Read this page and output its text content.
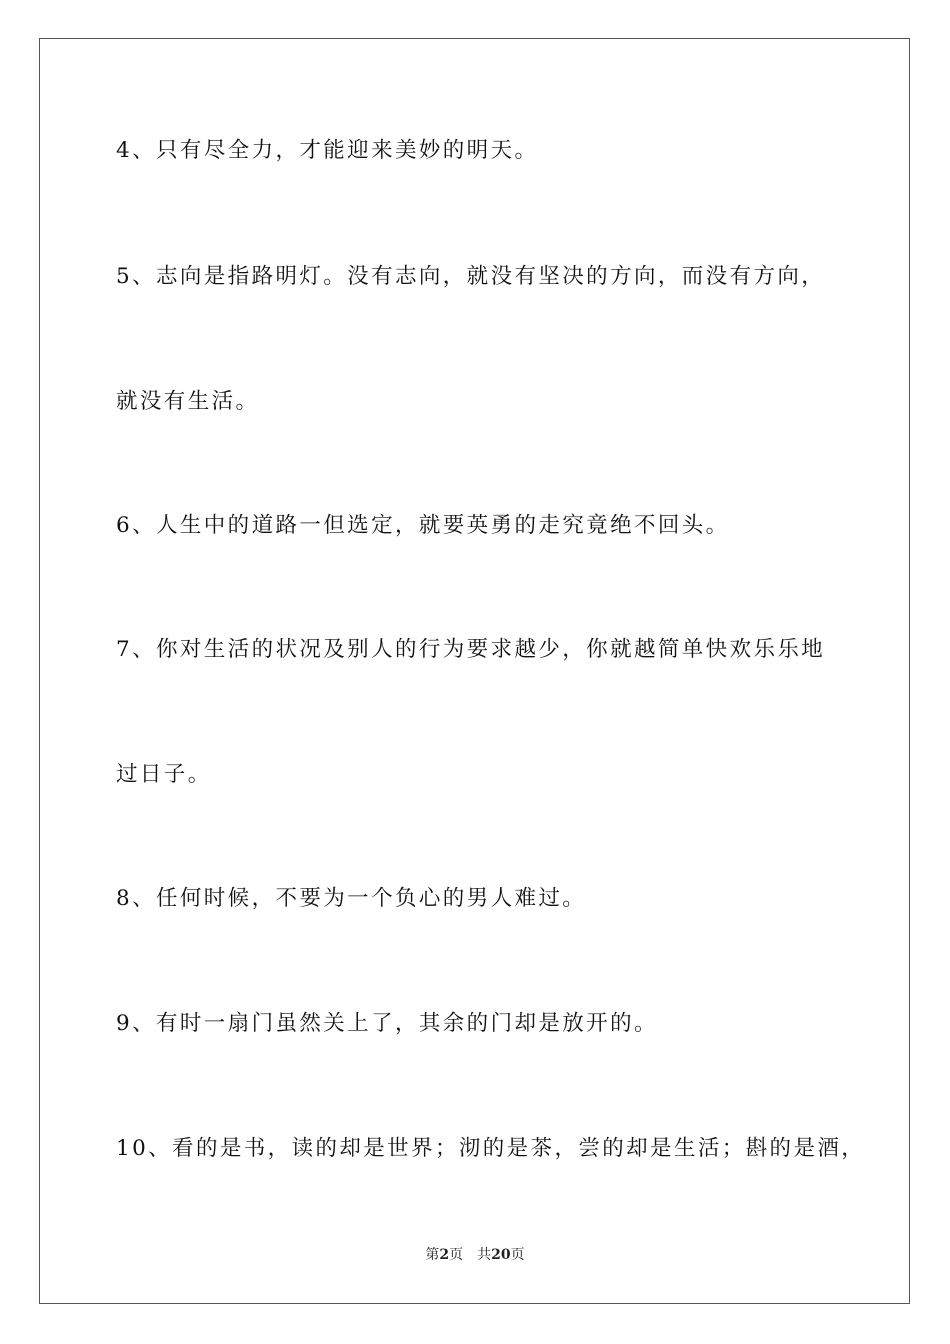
4、只有尽全力，才能迎来美妙的明天。
5、志向是指路明灯。没有志向，就没有坚决的方向，而没有方向，
就没有生活。
6、人生中的道路一但选定，就要英勇的走究竟绝不回头。
7、你对生活的状况及别人的行为要求越少，你就越简单快欢乐乐地
过日子。
8、任何时候，不要为一个负心的男人难过。
9、有时一扇门虽然关上了，其余的门却是放开的。
10、看的是书，读的却是世界；沏的是茶，尝的却是生活；斟的是酒，
第2页 共20页
